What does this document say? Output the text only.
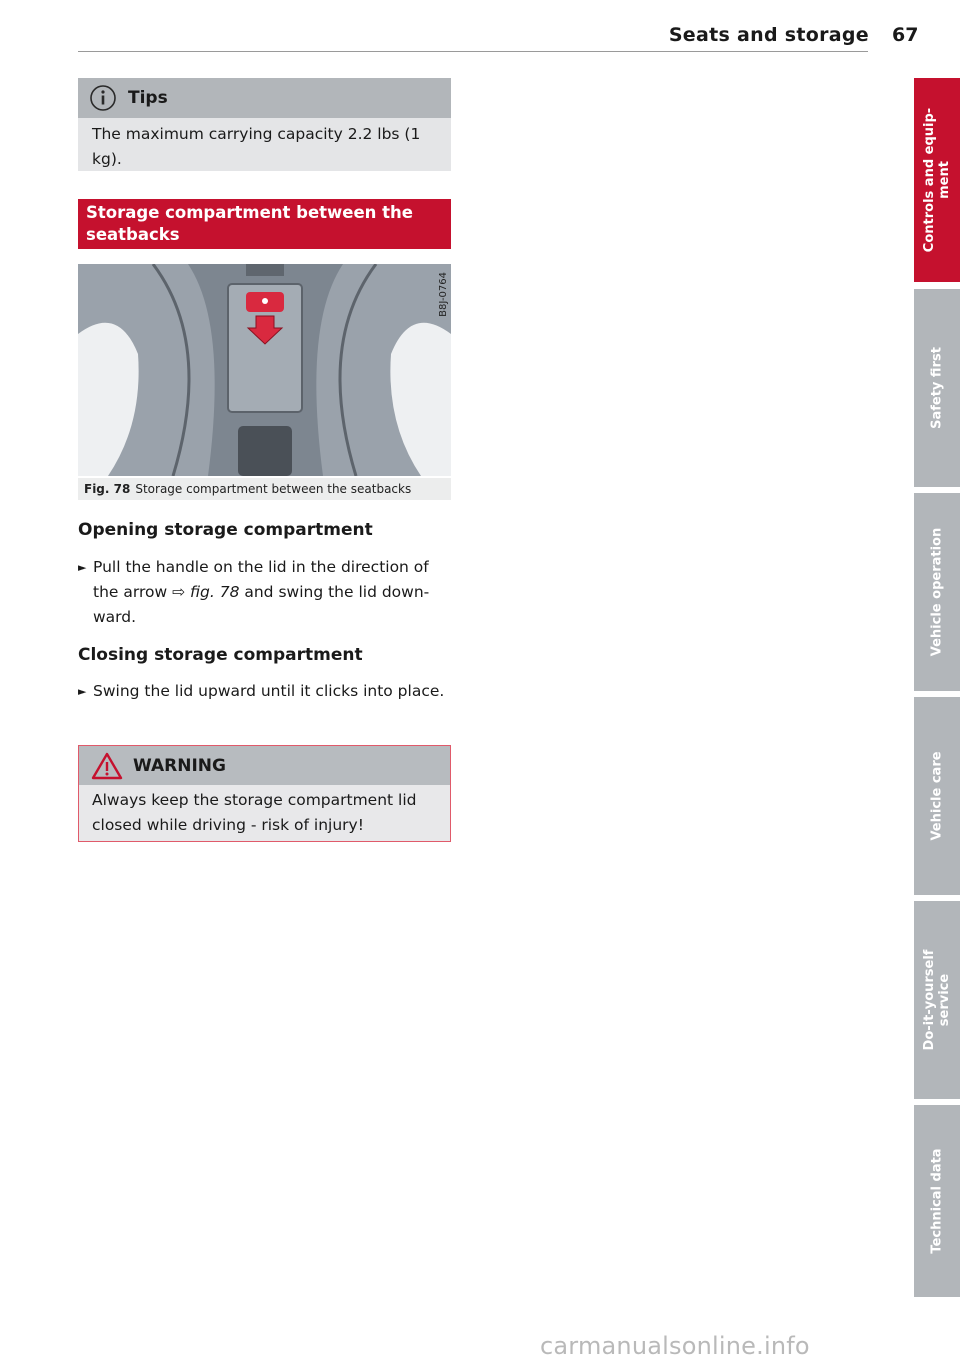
Seats and storage 67
Tips
The maximum carrying capacity 2.2 lbs (1 kg).
Storage compartment between the seatbacks
B8J-0764
Fig. 78 Storage compartment between the seatbacks
Opening storage compartment
► Pull the handle on the lid in the direction of the arrow ⇨ fig. 78 and swing the lid down-ward.
Closing storage compartment
► Swing the lid upward until it clicks into place.
WARNING
Always keep the storage compartment lid closed while driving - risk of injury!
Controls and equip-
ment
Safety first
Vehicle operation
Vehicle care
Do-it-yourself
service
Technical data
carmanualsonline.info
